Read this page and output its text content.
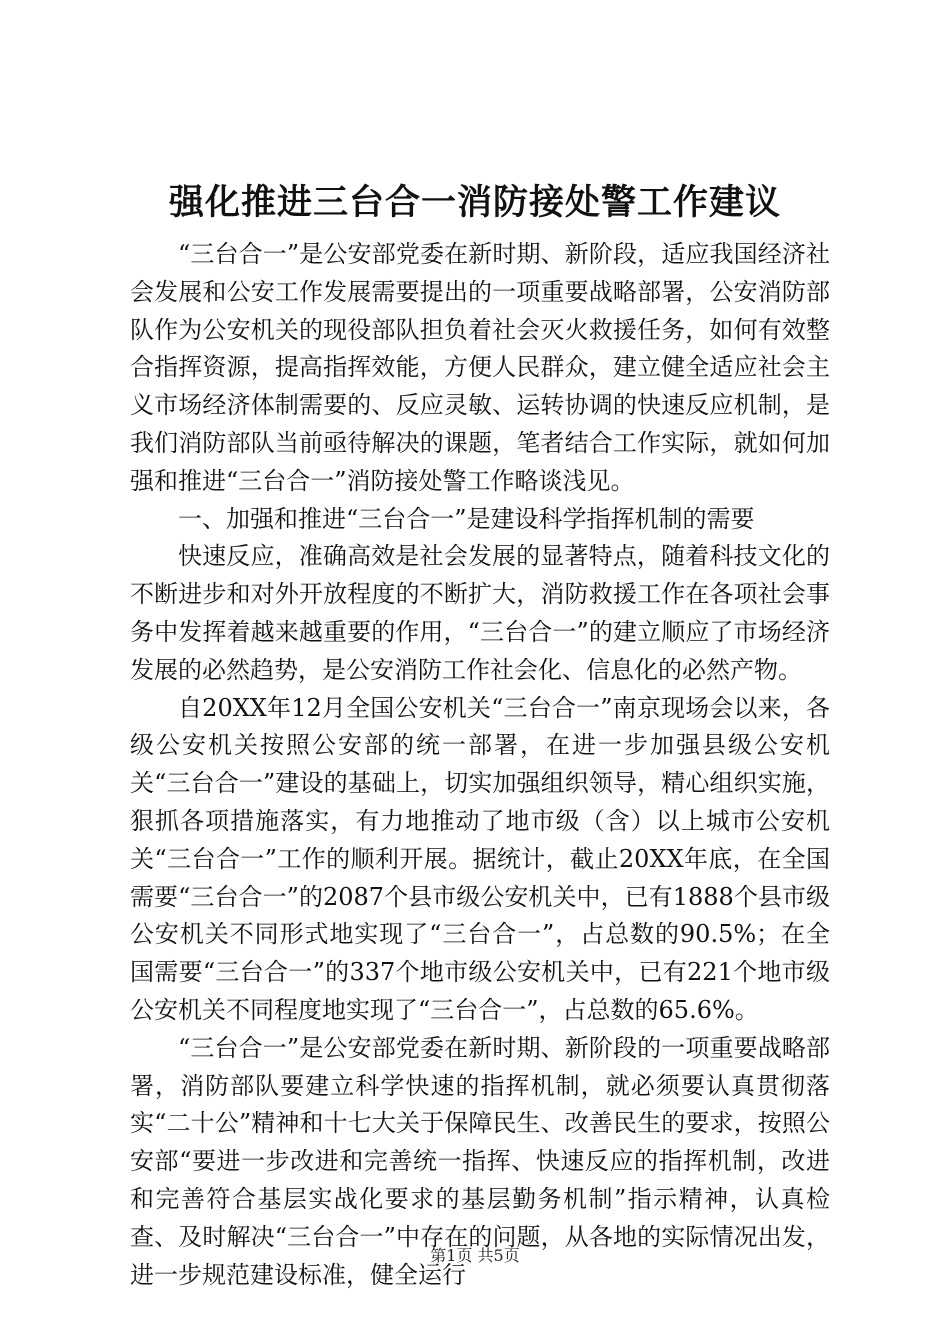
强化推进三台合一消防接处警工作建议

“三台合一”是公安部党委在新时期、新阶段，适应我国经济社会发展和公安工作发展需要提出的一项重要战略部署，公安消防部队作为公安机关的现役部队担负着社会灭火救援任务，如何有效整合指挥资源，提高指挥效能，方便人民群众，建立健全适应社会主义市场经济体制需要的、反应灵敏、运转协调的快速反应机制，是我们消防部队当前亟待解决的课题，笔者结合工作实际，就如何加强和推进“三台合一”消防接处警工作略谈浅见。

一、加强和推进“三台合一”是建设科学指挥机制的需要

快速反应，准确高效是社会发展的显著特点，随着科技文化的不断进步和对外开放程度的不断扩大，消防救援工作在各项社会事务中发挥着越来越重要的作用，“三台合一”的建立顺应了市场经济发展的必然趋势，是公安消防工作社会化、信息化的必然产物。

自20XX年12月全国公安机关“三台合一”南京现场会以来，各级公安机关按照公安部的统一部署，在进一步加强县级公安机关“三台合一”建设的基础上，切实加强组织领导，精心组织实施，狠抓各项措施落实，有力地推动了地市级（含）以上城市公安机关“三台合一”工作的顺利开展。据统计，截止20XX年底，在全国需要“三台合一”的2087个县市级公安机关中，已有1888个县市级公安机关不同形式地实现了“三台合一”，占总数的90.5%；在全国需要“三台合一”的337个地市级公安机关中，已有221个地市级公安机关不同程度地实现了“三台合一”，占总数的65.6%。

“三台合一”是公安部党委在新时期、新阶段的一项重要战略部署，消防部队要建立科学快速的指挥机制，就必须要认真贯彻落实“二十公”精神和十七大关于保障民生、改善民生的要求，按照公安部“要进一步改进和完善统一指挥、快速反应的指挥机制，改进和完善符合基层实战化要求的基层勤务机制”指示精神，认真检查、及时解决“三台合一”中存在的问题，从各地的实际情况出发，进一步规范建设标准，健全运行

第1页 共5页
